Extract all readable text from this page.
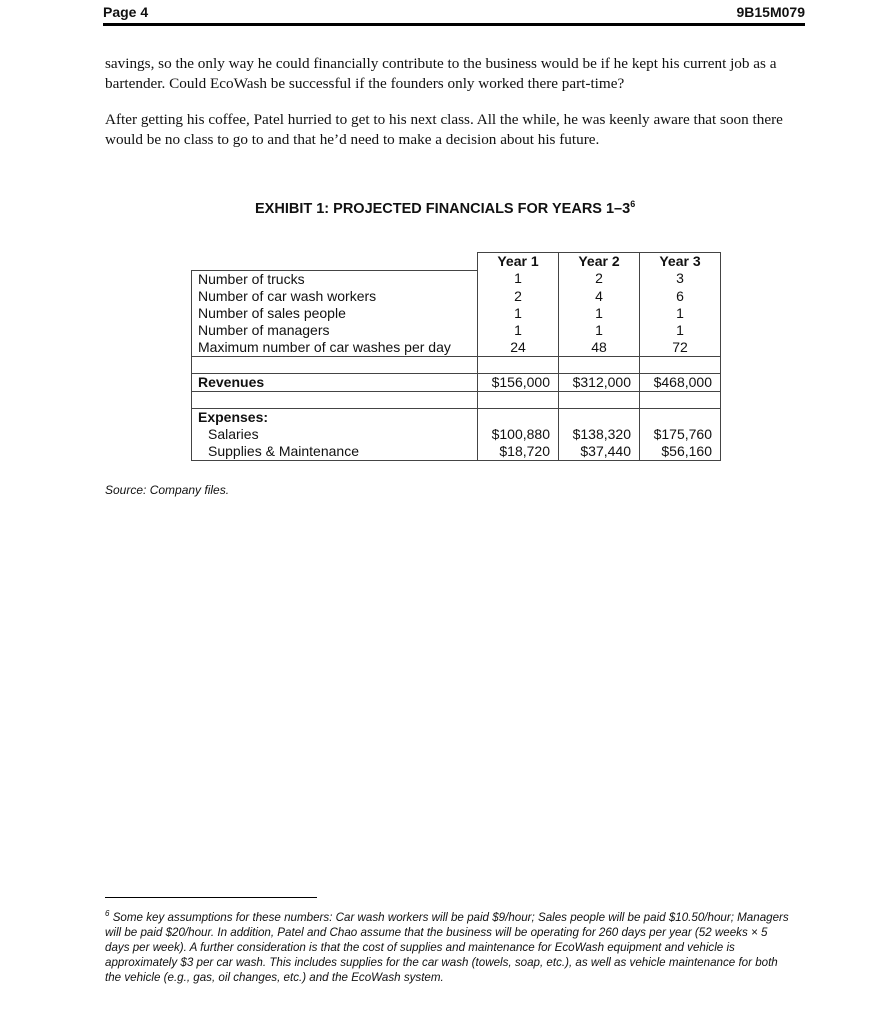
Page 4	9B15M079

savings, so the only way he could financially contribute to the business would be if he kept his current job as a bartender. Could EcoWash be successful if the founders only worked there part-time?

After getting his coffee, Patel hurried to get to his next class. All the while, he was keenly aware that soon there would be no class to go to and that he’d need to make a decision about his future.

EXHIBIT 1: PROJECTED FINANCIALS FOR YEARS $1-3^6$
	Year 1	Year 2	Year 3
Number of trucks	1	2	3
Number of car wash workers	2	4	6
Number of sales people	1	1	1
Number of managers	1	1	1
Maximum number of car washes per day	24	48	72

Revenues	$156,000	$312,000	$468,000

Expenses:			
Salaries	$100,880	$138,320	$175,760
Supplies & Maintenance	$18,720	$37,440	$56,160
Source: Company files.
$^6$ Some key assumptions for these numbers: Car wash workers will be paid $9/hour; Sales people will be paid $10.50/hour; Managers will be paid $20/hour. In addition, Patel and Chao assume that the business will be operating for 260 days per year (52 weeks × 5 days per week). A further consideration is that the cost of supplies and maintenance for EcoWash equipment and vehicle is approximately $3 per car wash. This includes supplies for the car wash (towels, soap, etc.), as well as vehicle maintenance for both the vehicle (e.g., gas, oil changes, etc.) and the EcoWash system.
